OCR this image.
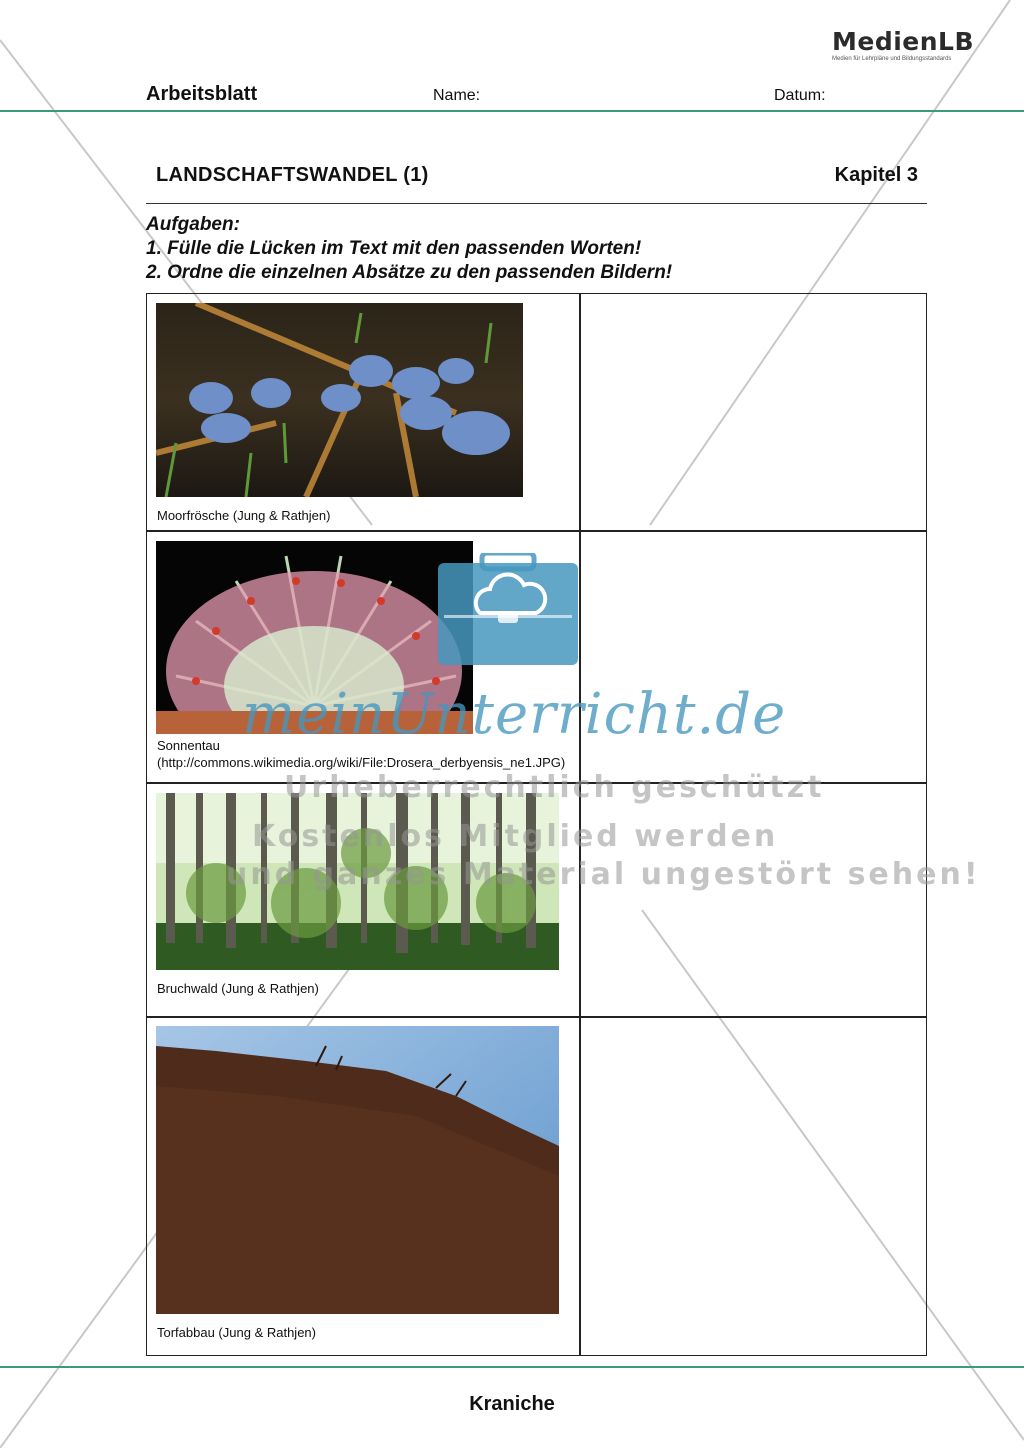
MedienLB
Medien für Lehrpläne und Bildungsstandards
Arbeitsblatt	Name:	Datum:
LANDSCHAFTSWANDEL (1)	Kapitel 3
Aufgaben:
1. Fülle die Lücken im Text mit den passenden Worten!
2. Ordne die einzelnen Absätze zu den passenden Bildern!
Moorfrösche (Jung & Rathjen)
Sonnentau
(http://commons.wikimedia.org/wiki/File:Drosera_derbyensis_ne1.JPG)
Bruchwald (Jung & Rathjen)
Torfabbau (Jung & Rathjen)
meinUnterricht.de
Urheberrechtlich geschützt
Kostenlos Mitglied werden
und ganzes Material ungestört sehen!
Kraniche
